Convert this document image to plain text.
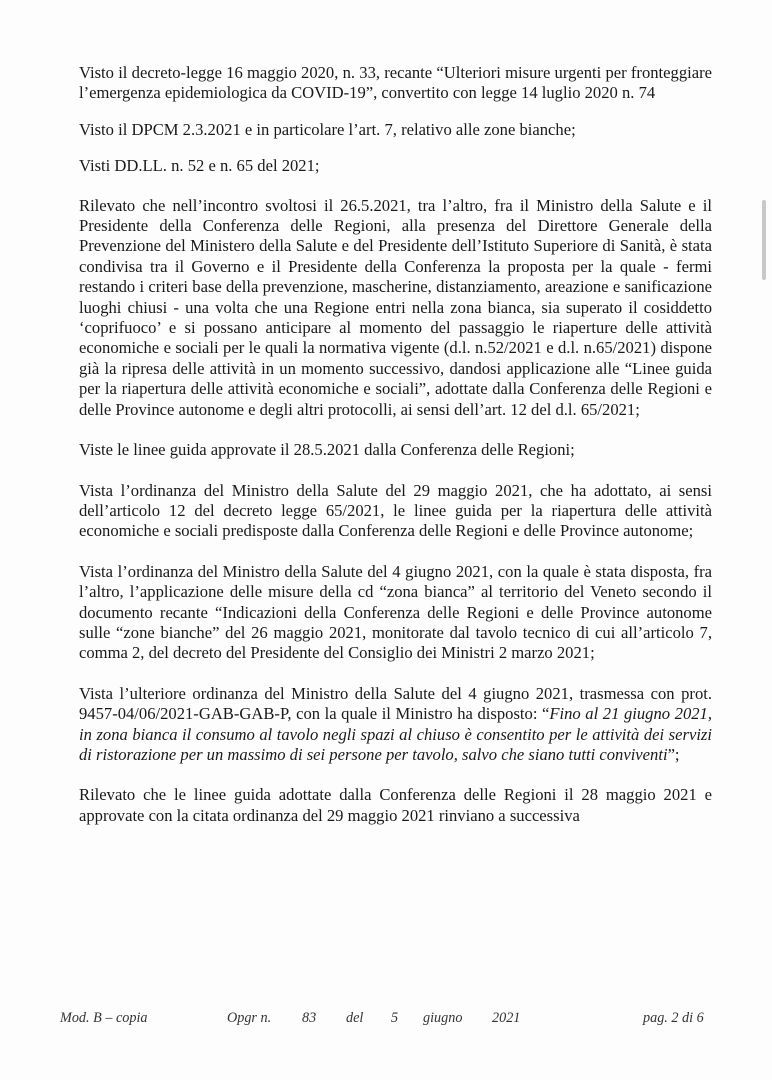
Visto il decreto-legge 16 maggio 2020, n. 33, recante “Ulteriori misure urgenti per fronteggiare l’emergenza epidemiologica da COVID-19”, convertito con legge 14 luglio 2020 n. 74

Visto il DPCM 2.3.2021 e in particolare l’art. 7, relativo alle zone bianche;

Visti DD.LL. n. 52 e n. 65 del 2021;

Rilevato che nell’incontro svoltosi il 26.5.2021, tra l’altro, fra il Ministro della Salute e il Presidente della Conferenza delle Regioni, alla presenza del Direttore Generale della Prevenzione del Ministero della Salute e del Presidente dell’Istituto Superiore di Sanità, è stata condivisa tra il Governo e il Presidente della Conferenza la proposta per la quale - fermi restando i criteri base della prevenzione, mascherine, distanziamento, areazione e sanificazione luoghi chiusi - una volta che una Regione entri nella zona bianca, sia superato il cosiddetto ‘coprifuoco’ e si possano anticipare al momento del passaggio le riaperture delle attività economiche e sociali per le quali la normativa vigente (d.l. n.52/2021 e d.l. n.65/2021) dispone già la ripresa delle attività in un momento successivo, dandosi applicazione alle “Linee guida per la riapertura delle attività economiche e sociali”, adottate dalla Conferenza delle Regioni e delle Province autonome e degli altri protocolli, ai sensi dell’art. 12 del d.l. 65/2021;

Viste le linee guida approvate il 28.5.2021 dalla Conferenza delle Regioni;

Vista l’ordinanza del Ministro della Salute del 29 maggio 2021, che ha adottato, ai sensi dell’articolo 12 del decreto legge 65/2021, le linee guida per la riapertura delle attività economiche e sociali predisposte dalla Conferenza delle Regioni e delle Province autonome;

Vista l’ordinanza del Ministro della Salute del 4 giugno 2021, con la quale è stata disposta, fra l’altro, l’applicazione delle misure della cd “zona bianca” al territorio del Veneto secondo il documento recante “Indicazioni della Conferenza delle Regioni e delle Province autonome sulle “zone bianche” del 26 maggio 2021, monitorate dal tavolo tecnico di cui all’articolo 7, comma 2, del decreto del Presidente del Consiglio dei Ministri 2 marzo 2021;

Vista l’ulteriore ordinanza del Ministro della Salute del 4 giugno 2021, trasmessa con prot. 9457-04/06/2021-GAB-GAB-P, con la quale il Ministro ha disposto: “Fino al 21 giugno 2021, in zona bianca il consumo al tavolo negli spazi al chiuso è consentito per le attività dei servizi di ristorazione per un massimo di sei persone per tavolo, salvo che siano tutti conviventi”;

Rilevato che le linee guida adottate dalla Conferenza delle Regioni il 28 maggio 2021 e approvate con la citata ordinanza del 29 maggio 2021 rinviano a successiva

Mod. B – copia	Opgr n. 83 del 5 giugno 2021	pag. 2 di 6
